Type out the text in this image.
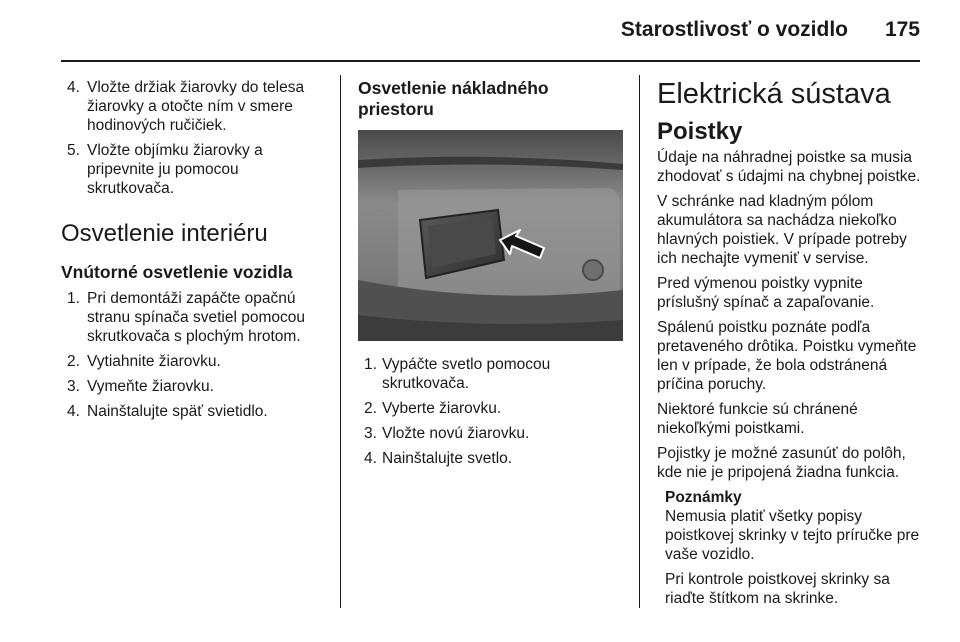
Starostlivosť o vozidlo 175
4. Vložte držiak žiarovky do telesa žiarovky a otočte ním v smere hodinových ručičiek.
5. Vložte objímku žiarovky a pripevnite ju pomocou skrutkovača.
Osvetlenie interiéru
Vnútorné osvetlenie vozidla
1. Pri demontáži zapáčte opačnú stranu spínača svetiel pomocou skrutkovača s plochým hrotom.
2. Vytiahnite žiarovku.
3. Vymeňte žiarovku.
4. Nainštalujte späť svietidlo.
Osvetlenie nákladného
priestoru
1. Vypáčte svetlo pomocou skrutkovača.
2. Vyberte žiarovku.
3. Vložte novú žiarovku.
4. Nainštalujte svetlo.
Elektrická sústava
Poistky

Údaje na náhradnej poistke sa musia zhodovať s údajmi na chybnej poistke.

V schránke nad kladným pólom akumulátora sa nachádza niekoľko hlavných poistiek. V prípade potreby ich nechajte vymeniť v servise.

Pred výmenou poistky vypnite príslušný spínač a zapaľovanie.

Spálenú poistku poznáte podľa pretaveného drôtika. Poistku vymeňte len v prípade, že bola odstránená príčina poruchy.

Niektoré funkcie sú chránené niekoľkými poistkami.

Pojistky je možné zasunúť do polôh, kde nie je pripojená žiadna funkcia.

Poznámky

Nemusia platiť všetky popisy poistkovej skrinky v tejto príručke pre vaše vozidlo.

Pri kontrole poistkovej skrinky sa riaďte štítkom na skrinke.
